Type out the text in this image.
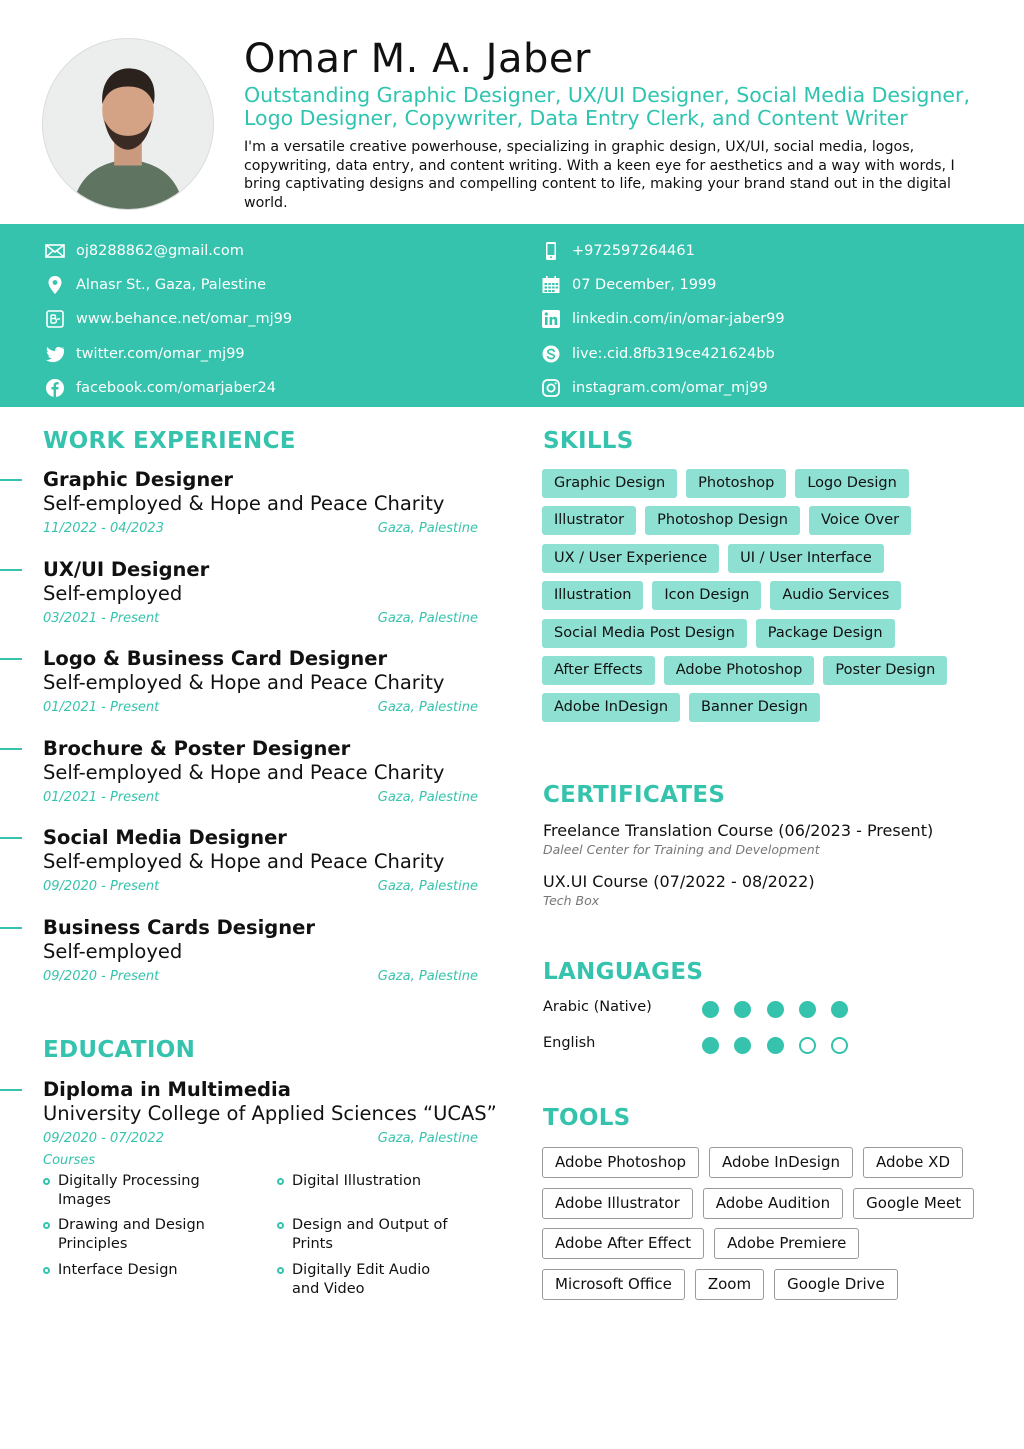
Omar M. A. Jaber
Outstanding Graphic Designer, UX/UI Designer, Social Media Designer, Logo Designer, Copywriter, Data Entry Clerk, and Content Writer
I'm a versatile creative powerhouse, specializing in graphic design, UX/UI, social media, logos, copywriting, data entry, and content writing. With a keen eye for aesthetics and a way with words, I bring captivating designs and compelling content to life, making your brand stand out in the digital world.
oj8288862@gmail.com
Alnasr St., Gaza, Palestine
www.behance.net/omar_mj99
twitter.com/omar_mj99
facebook.com/omarjaber24
+972597264461
07 December, 1999
linkedin.com/in/omar-jaber99
live:.cid.8fb319ce421624bb
instagram.com/omar_mj99
WORK EXPERIENCE
Graphic Designer
Self-employed & Hope and Peace Charity
11/2022 - 04/2023	Gaza, Palestine
UX/UI Designer
Self-employed
03/2021 - Present	Gaza, Palestine
Logo & Business Card Designer
Self-employed & Hope and Peace Charity
01/2021 - Present	Gaza, Palestine
Brochure & Poster Designer
Self-employed & Hope and Peace Charity
01/2021 - Present	Gaza, Palestine
Social Media Designer
Self-employed & Hope and Peace Charity
09/2020 - Present	Gaza, Palestine
Business Cards Designer
Self-employed
09/2020 - Present	Gaza, Palestine
EDUCATION
Diploma in Multimedia
University College of Applied Sciences “UCAS”
09/2020 - 07/2022	Gaza, Palestine
Courses
Digitally Processing Images
Digital Illustration
Drawing and Design Principles
Design and Output of Prints
Interface Design	Digitally Edit Audio and Video
SKILLS
Graphic Design	Photoshop	Logo Design
Illustrator	Photoshop Design	Voice Over
UX / User Experience	UI / User Interface
Illustration	Icon Design	Audio Services
Social Media Post Design	Package Design
After Effects	Adobe Photoshop	Poster Design
Adobe InDesign	Banner Design
CERTIFICATES
Freelance Translation Course (06/2023 - Present)
Daleel Center for Training and Development
UX.UI Course (07/2022 - 08/2022)
Tech Box
LANGUAGES
Arabic (Native)
English
TOOLS
Adobe Photoshop	Adobe InDesign	Adobe XD
Adobe Illustrator	Adobe Audition	Google Meet
Adobe After Effect	Adobe Premiere
Microsoft Office	Zoom	Google Drive
